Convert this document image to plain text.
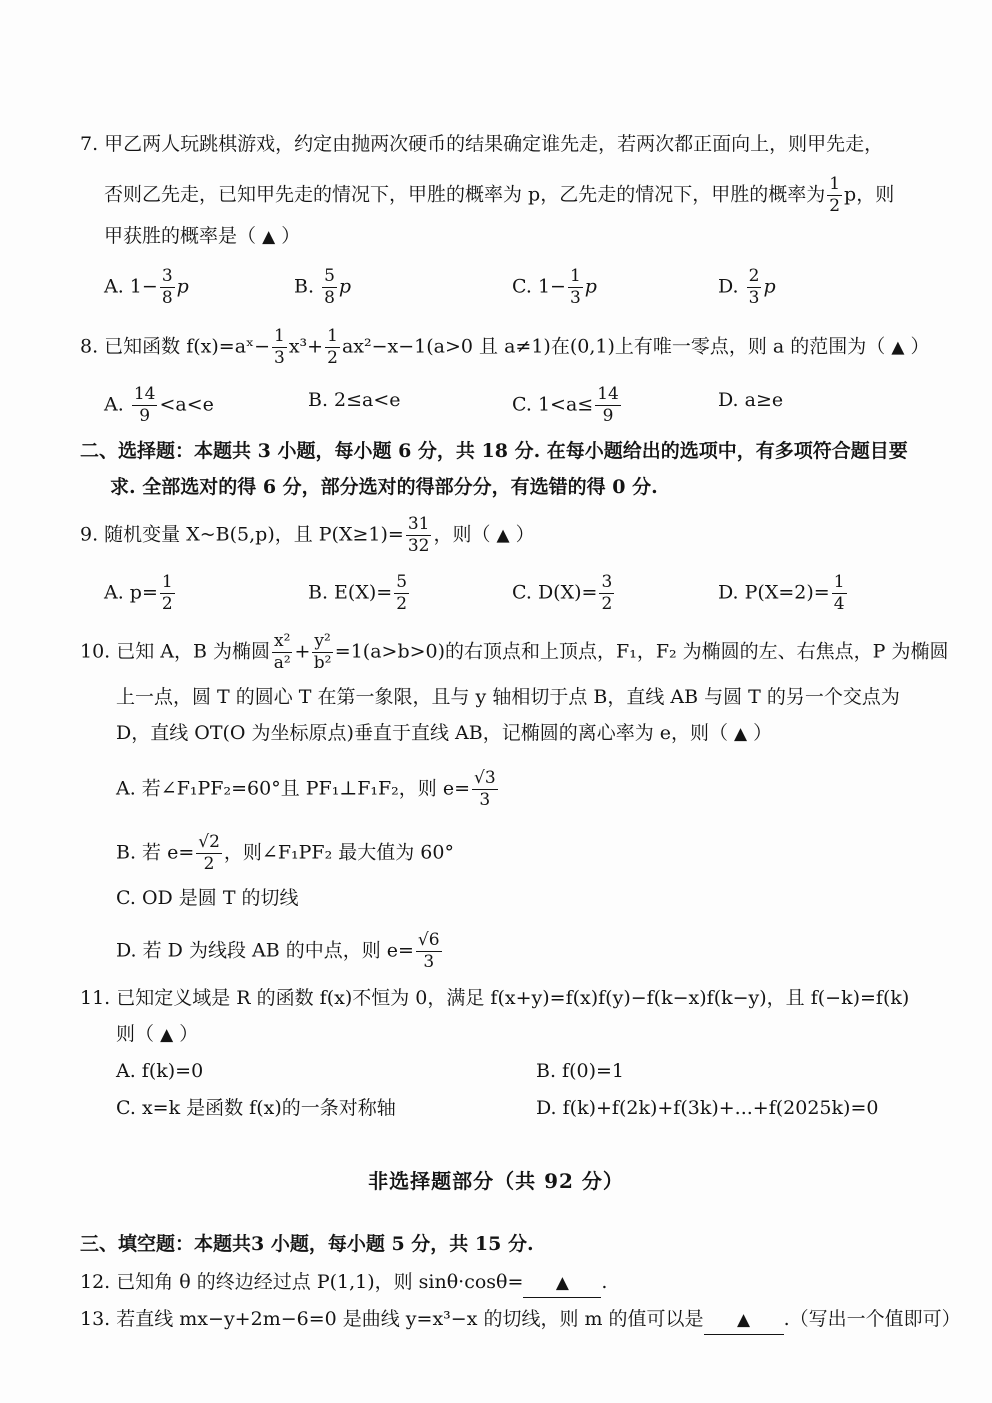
7. 甲乙两人玩跳棋游戏，约定由抛两次硬币的结果确定谁先走，若两次都正面向上，则甲先走，
否则乙先走，已知甲先走的情况下，甲胜的概率为 p，乙先走的情况下，甲胜的概率为 $\frac{1}{2}$ p，则
甲获胜的概率是（ ▲ ）
A. $1- \frac{3}{8}$ p	B. $\frac{5}{8}$ p	C. $1- \frac{1}{3}$ p	D. $\frac{2}{3}$ p
8. 已知函数 f(x)=aˣ− $\frac{1}{3} x^3+ \frac{1}{2} ax^2-x-1(a>0$ 且 a≠1)在(0,1)上有唯一零点，则 a 的范围为（ ▲ ）
A. $\frac{14}{9} <a<e$	B. 2≤a<e	C. $1<a\le \frac{14}{9}$	D. a≥e
二、选择题：本题共 3 小题，每小题 6 分，共 18 分. 在每小题给出的选项中，有多项符合题目要
求. 全部选对的得 6 分，部分选对的得部分分，有选错的得 0 分.
9. 随机变量 X~B(5,p)，且 $P(X\ge 1)= \frac{31}{32}$ ，则（ ▲ ）
A. $p= \frac{1}{2}$	B. $E(X)= \frac{5}{2}$	C. $D(X)= \frac{3}{2}$	D. $P(X=2)= \frac{1}{4}$
10. 已知 A，B 为椭圆 $\frac{\text{x²}}{\text{a²}} + \frac{\text{y²}}{\text{b²}} =1(a>b>0)$的右顶点和上顶点，F₁，F₂ 为椭圆的左、右焦点，P 为椭圆
上一点，圆 T 的圆心 T 在第一象限，且与 y 轴相切于点 B，直线 AB 与圆 T 的另一个交点为
D，直线 OT(O 为坐标原点)垂直于直线 AB，记椭圆的离心率为 e，则（ ▲ ）
A. 若∠F₁PF₂=60°且 PF₁⊥F₁F₂，则 $e= \frac{√3}{3}$
B. 若 $e= \frac{√2}{2}$ ，则∠F₁PF₂ 最大值为 60°
C. OD 是圆 T 的切线
D. 若 D 为线段 AB 的中点，则 $e= \frac{√6}{3}$
11. 已知定义域是 R 的函数 f(x)不恒为 0，满足 f(x+y)=f(x)f(y)−f(k−x)f(k−y)，且 f(−k)=f(k)
则（ ▲ ）
A. f(k)=0	B. f(0)=1
C. x=k 是函数 f(x)的一条对称轴	D. f(k)+f(2k)+f(3k)+...+f(2025k)=0
非选择题部分（共 92 分）
三、填空题：本题共3 小题，每小题 5 分，共 15 分.
12. 已知角 θ 的终边经过点 P(1,1)，则 sinθ·cosθ= ▲ .
13. 若直线 mx−y+2m−6=0 是曲线 y=x³−x 的切线，则 m 的值可以是 ▲ .（写出一个值即可）
